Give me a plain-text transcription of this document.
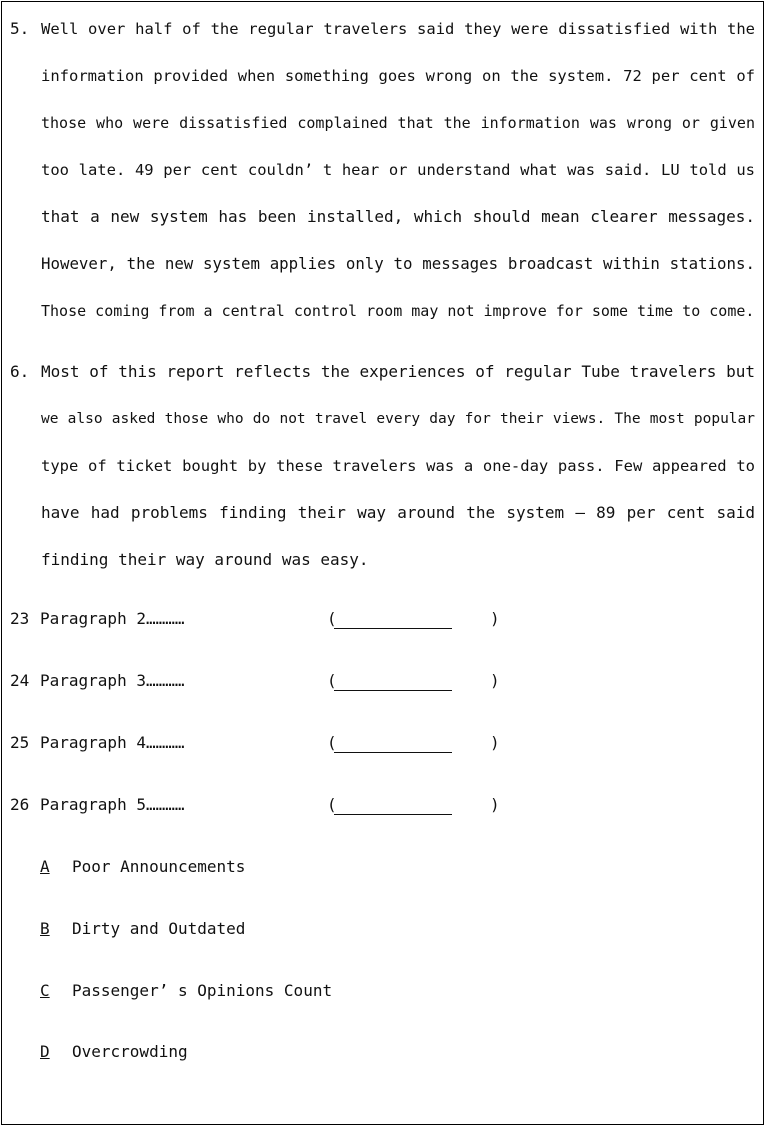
5. Well over half of the regular travelers said they were dissatisfied with the
information provided when something goes wrong on the system. 72 per cent of
those who were dissatisfied complained that the information was wrong or given
too late. 49 per cent couldn’ t hear or understand what was said. LU told us
that a new system has been installed, which should mean clearer messages.
However, the new system applies only to messages broadcast within stations.
Those coming from a central control room may not improve for some time to come.
6. Most of this report reflects the experiences of regular Tube travelers but
we also asked those who do not travel every day for their views. The most popular
type of ticket bought by these travelers was a one-day pass. Few appeared to
have had problems finding their way around the system — 89 per cent said
finding their way around was easy.
23 Paragraph 2…………	(	)
24 Paragraph 3…………	(	)
25 Paragraph 4…………	(	)
26 Paragraph 5…………	(	)
A Poor Announcements
B Dirty and Outdated
C Passenger’ s Opinions Count
D Overcrowding
